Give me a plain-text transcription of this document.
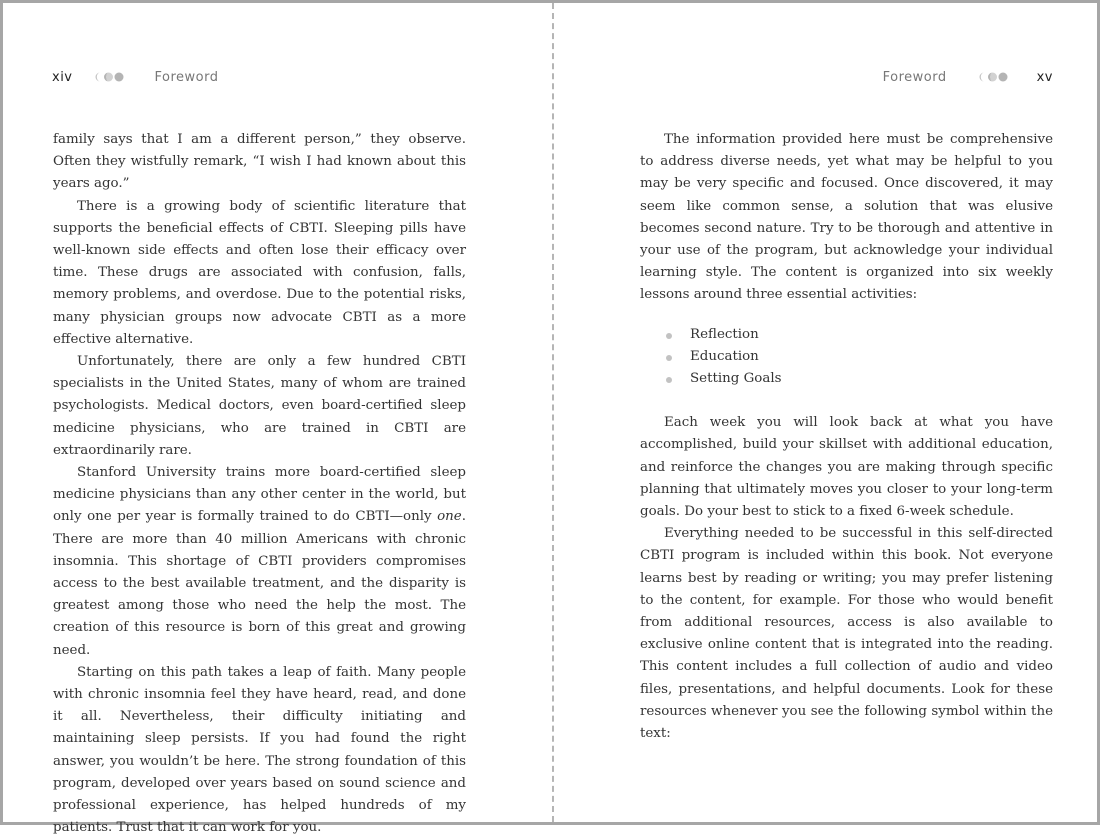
xiv	Foreword

family says that I am a different person,” they observe. Often they wistfully remark, “I wish I had known about this years ago.”

There is a growing body of scientific literature that supports the beneficial effects of CBTI. Sleeping pills have well-known side effects and often lose their efficacy over time. These drugs are associated with confusion, falls, memory problems, and overdose. Due to the potential risks, many physician groups now advocate CBTI as a more effective alternative.

Unfortunately, there are only a few hundred CBTI specialists in the United States, many of whom are trained psychologists. Medical doctors, even board-certified sleep medicine physicians, who are trained in CBTI are extraordinarily rare.

Stanford University trains more board-certified sleep medicine physicians than any other center in the world, but only one per year is formally trained to do CBTI—only one. There are more than 40 million Americans with chronic insomnia. This shortage of CBTI providers compromises access to the best available treatment, and the disparity is greatest among those who need the help the most. The creation of this resource is born of this great and growing need.

Starting on this path takes a leap of faith. Many people with chronic insomnia feel they have heard, read, and done it all. Nevertheless, their difficulty initiating and maintaining sleep persists. If you had found the right answer, you wouldn’t be here. The strong foundation of this program, developed over years based on sound science and professional experience, has helped hundreds of my patients. Trust that it can work for you.

Foreword	xv

The information provided here must be comprehensive to address diverse needs, yet what may be helpful to you may be very specific and focused. Once discovered, it may seem like common sense, a solution that was elusive becomes second nature. Try to be thorough and attentive in your use of the program, but acknowledge your individual learning style. The content is organized into six weekly lessons around three essential activities:

Reflection
Education
Setting Goals

Each week you will look back at what you have accomplished, build your skillset with additional education, and reinforce the changes you are making through specific planning that ultimately moves you closer to your long-term goals. Do your best to stick to a fixed 6-week schedule.

Everything needed to be successful in this self-directed CBTI program is included within this book. Not everyone learns best by reading or writing; you may prefer listening to the content, for example. For those who would benefit from additional resources, access is also available to exclusive online content that is integrated into the reading. This content includes a full collection of audio and video files, presentations, and helpful documents. Look for these resources whenever you see the following symbol within the text:
